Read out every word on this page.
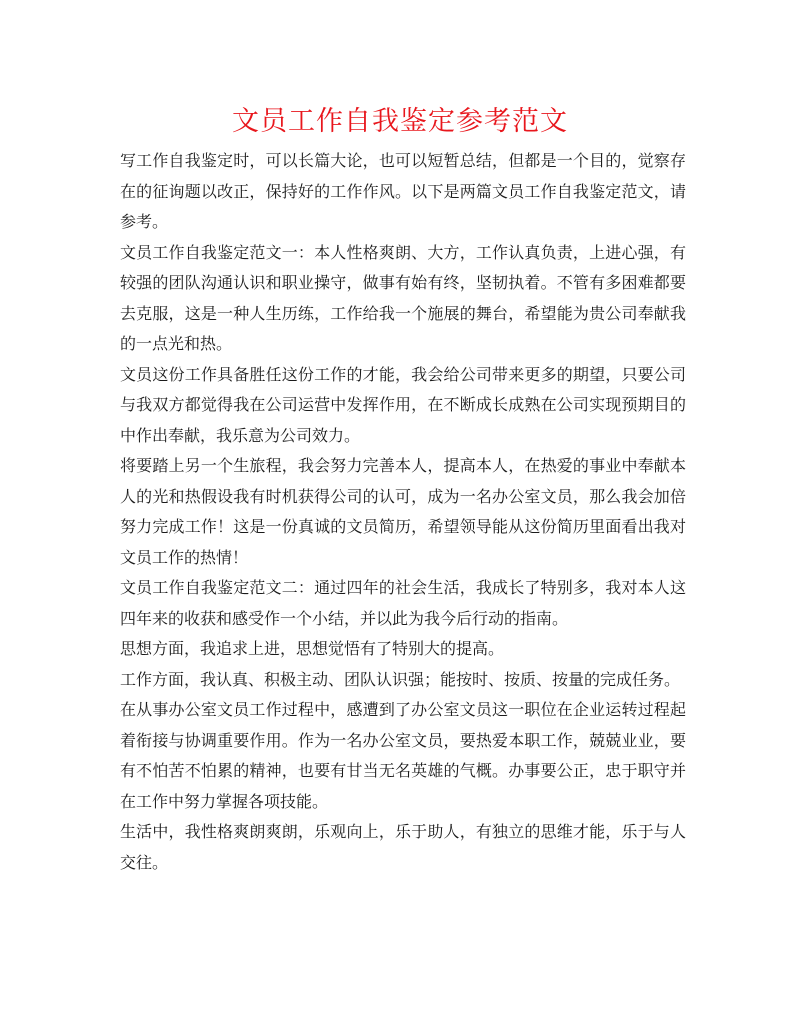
文员工作自我鉴定参考范文

写工作自我鉴定时，可以长篇大论，也可以短暂总结，但都是一个目的，觉察存在的征询题以改正，保持好的工作作风。以下是两篇文员工作自我鉴定范文，请参考。

文员工作自我鉴定范文一：本人性格爽朗、大方，工作认真负责，上进心强，有较强的团队沟通认识和职业操守，做事有始有终，坚韧执着。不管有多困难都要去克服，这是一种人生历练，工作给我一个施展的舞台，希望能为贵公司奉献我的一点光和热。

文员这份工作具备胜任这份工作的才能，我会给公司带来更多的期望，只要公司与我双方都觉得我在公司运营中发挥作用，在不断成长成熟在公司实现预期目的中作出奉献，我乐意为公司效力。

将要踏上另一个生旅程，我会努力完善本人，提高本人，在热爱的事业中奉献本人的光和热假设我有时机获得公司的认可，成为一名办公室文员，那么我会加倍努力完成工作！这是一份真诚的文员简历，希望领导能从这份简历里面看出我对文员工作的热情！

文员工作自我鉴定范文二：通过四年的社会生活，我成长了特别多，我对本人这四年来的收获和感受作一个小结，并以此为我今后行动的指南。

思想方面，我追求上进，思想觉悟有了特别大的提高。

工作方面，我认真、积极主动、团队认识强；能按时、按质、按量的完成任务。

在从事办公室文员工作过程中，感遭到了办公室文员这一职位在企业运转过程起着衔接与协调重要作用。作为一名办公室文员，要热爱本职工作，兢兢业业，要有不怕苦不怕累的精神，也要有甘当无名英雄的气概。办事要公正，忠于职守并在工作中努力掌握各项技能。

生活中，我性格爽朗爽朗，乐观向上，乐于助人，有独立的思维才能，乐于与人交往。
